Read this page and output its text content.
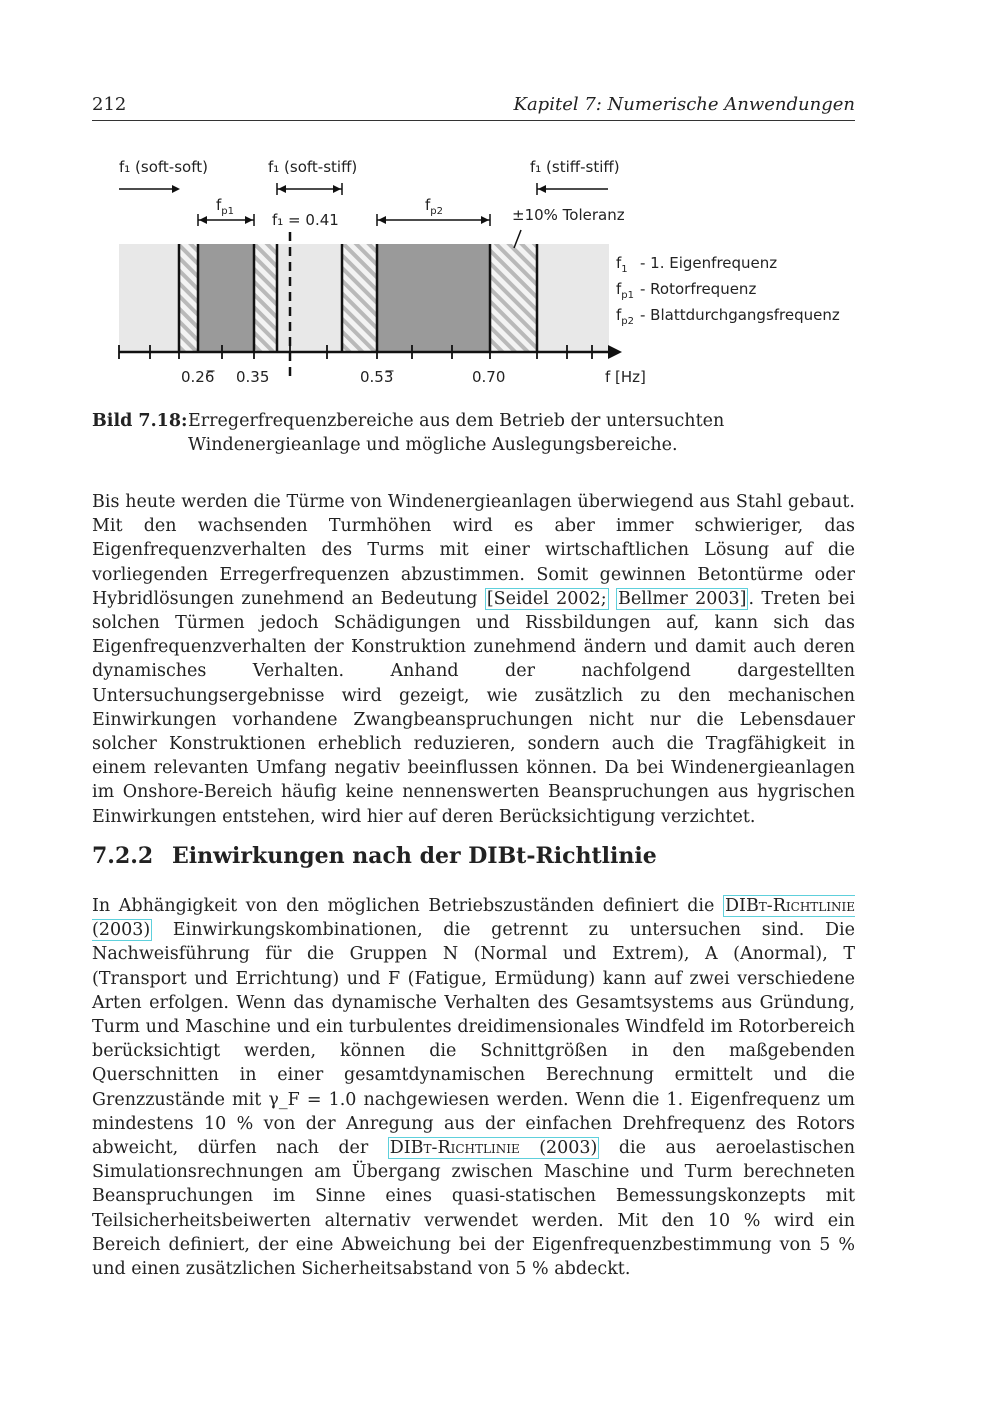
212	Kapitel 7: Numerische Anwendungen
0.26̅ 0.35	0.53̅	0.70	f [Hz]
f₁ (soft-soft)	f₁ (soft-stiff)	f₁ (stiff-stiff)
$f_{p1}$	f₁ = 0.41
$f_{p2}$	±10% Toleranz
$f_1 - 1$. Eigenfrequenz
$f_{p1}$ - Rotorfrequenz
$f_{p2}$ - Blattdurchgangsfrequenz
Bild 7.18: Erregerfrequenzbereiche aus dem Betrieb der untersuchten Windenergieanlage und mögliche Auslegungsbereiche.
Bis heute werden die Türme von Windenergieanlagen überwiegend aus Stahl gebaut. Mit den wachsenden Turmhöhen wird es aber immer schwieriger, das Eigenfrequenzverhalten des Turms mit einer wirtschaftlichen Lösung auf die vorliegenden Erregerfrequenzen abzustimmen. Somit gewinnen Betontürme oder Hybridlösungen zunehmend an Bedeutung [Seidel 2002; Bellmer 2003] . Treten bei solchen Türmen jedoch Schädigungen und Rissbildungen auf, kann sich das Eigenfrequenzverhalten der Konstruktion zunehmend ändern und damit auch deren dynamisches Verhalten. Anhand der nachfolgend dargestellten Untersuchungsergebnisse wird gezeigt, wie zusätzlich zu den mechanischen Einwirkungen vorhandene Zwangbeanspruchungen nicht nur die Lebensdauer solcher Konstruktionen erheblich reduzieren, sondern auch die Tragfähigkeit in einem relevanten Umfang negativ beeinflussen können. Da bei Windenergieanlagen im Onshore-Bereich häufig keine nennenswerten Beanspruchungen aus hygrischen Einwirkungen entstehen, wird hier auf deren Berücksichtigung verzichtet.
7.2.2 Einwirkungen nach der DIBt-Richtlinie
In Abhängigkeit von den möglichen Betriebszuständen definiert die DIBt-Richtlinie (2003) Einwirkungskombinationen, die getrennt zu untersuchen sind. Die Nachweisführung für die Gruppen N (Normal und Extrem), A (Anormal), T (Transport und Errichtung) und F (Fatigue, Ermüdung) kann auf zwei verschiedene Arten erfolgen. Wenn das dynamische Verhalten des Gesamtsystems aus Gründung, Turm und Maschine und ein turbulentes dreidimensionales Windfeld im Rotorbereich berücksichtigt werden, können die Schnittgrößen in den maßgebenden Querschnitten in einer gesamtdynamischen Berechnung ermittelt und die Grenzzustände mit γ_F = 1.0 nachgewiesen werden. Wenn die 1. Eigenfrequenz um mindestens 10 % von der Anregung aus der einfachen Drehfrequenz des Rotors abweicht, dürfen nach der DIBt-Richtlinie (2003) die aus aeroelastischen Simulationsrechnungen am Übergang zwischen Maschine und Turm berechneten Beanspruchungen im Sinne eines quasi-statischen Bemessungskonzepts mit Teilsicherheitsbeiwerten alternativ verwendet werden. Mit den 10 % wird ein Bereich definiert, der eine Abweichung bei der Eigenfrequenzbestimmung von 5 % und einen zusätzlichen Sicherheitsabstand von 5 % abdeckt.
